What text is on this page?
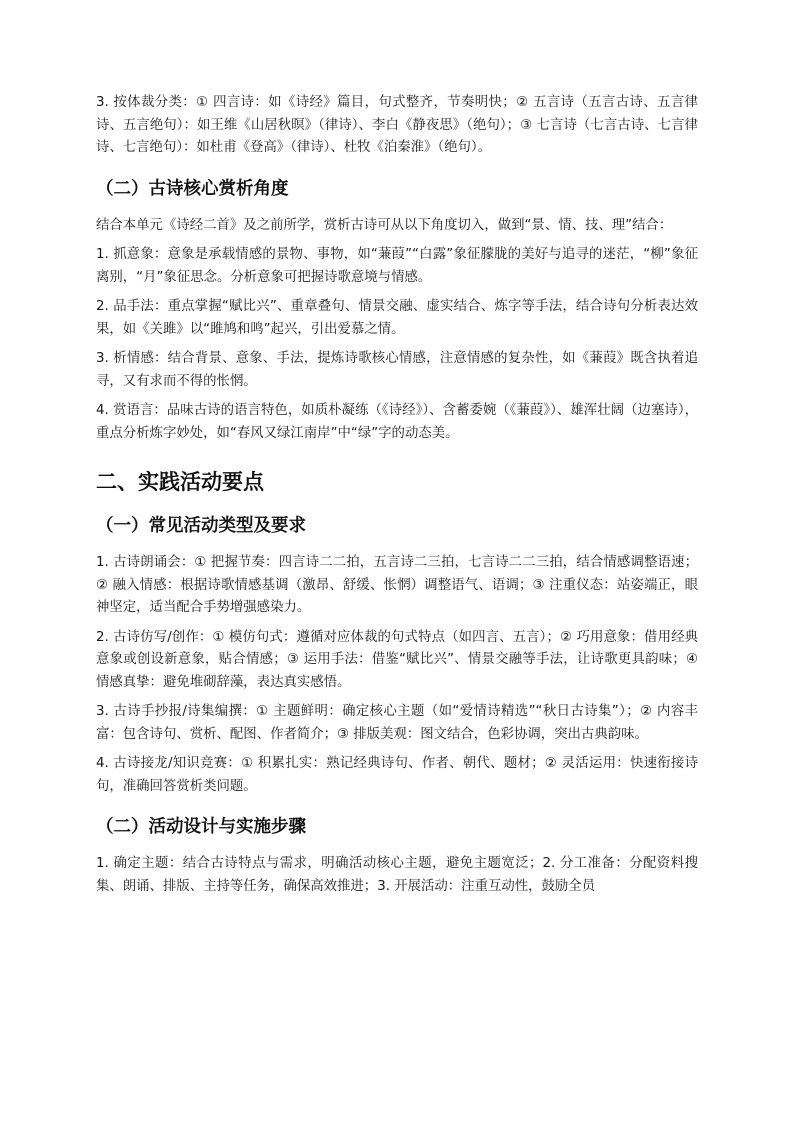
3. 按体裁分类：① 四言诗：如《诗经》篇目，句式整齐，节奏明快；② 五言诗（五言古诗、五言律诗、五言绝句）：如王维《山居秋暝》（律诗）、李白《静夜思》（绝句）；③ 七言诗（七言古诗、七言律诗、七言绝句）：如杜甫《登高》（律诗）、杜牧《泊秦淮》（绝句）。

（二）古诗核心赏析角度

结合本单元《诗经二首》及之前所学，赏析古诗可从以下角度切入，做到“景、情、技、理”结合：

1. 抓意象：意象是承载情感的景物、事物，如“蒹葭”“白露”象征朦胧的美好与追寻的迷茫，“柳”象征离别，“月”象征思念。分析意象可把握诗歌意境与情感。

2. 品手法：重点掌握“赋比兴”、重章叠句、情景交融、虚实结合、炼字等手法，结合诗句分析表达效果，如《关雎》以“雎鸠和鸣”起兴，引出爱慕之情。

3. 析情感：结合背景、意象、手法，提炼诗歌核心情感，注意情感的复杂性，如《蒹葭》既含执着追寻，又有求而不得的怅惘。

4. 赏语言：品味古诗的语言特色，如质朴凝练（《诗经》）、含蓄委婉（《蒹葭》）、雄浑壮阔（边塞诗），重点分析炼字妙处，如“春风又绿江南岸”中“绿”字的动态美。

二、实践活动要点
（一）常见活动类型及要求

1. 古诗朗诵会：① 把握节奏：四言诗二二拍，五言诗二三拍，七言诗二二三拍，结合情感调整语速；② 融入情感：根据诗歌情感基调（激昂、舒缓、怅惘）调整语气、语调；③ 注重仪态：站姿端正，眼神坚定，适当配合手势增强感染力。

2. 古诗仿写/创作：① 模仿句式：遵循对应体裁的句式特点（如四言、五言）；② 巧用意象：借用经典意象或创设新意象，贴合情感；③ 运用手法：借鉴“赋比兴”、情景交融等手法，让诗歌更具韵味；④ 情感真挚：避免堆砌辞藻，表达真实感悟。

3. 古诗手抄报/诗集编撰：① 主题鲜明：确定核心主题（如“爱情诗精选”“秋日古诗集”）；② 内容丰富：包含诗句、赏析、配图、作者简介；③ 排版美观：图文结合，色彩协调，突出古典韵味。

4. 古诗接龙/知识竞赛：① 积累扎实：熟记经典诗句、作者、朝代、题材；② 灵活运用：快速衔接诗句，准确回答赏析类问题。

（二）活动设计与实施步骤

1. 确定主题：结合古诗特点与需求，明确活动核心主题，避免主题宽泛；2. 分工准备：分配资料搜集、朗诵、排版、主持等任务，确保高效推进；3. 开展活动：注重互动性，鼓励全员
